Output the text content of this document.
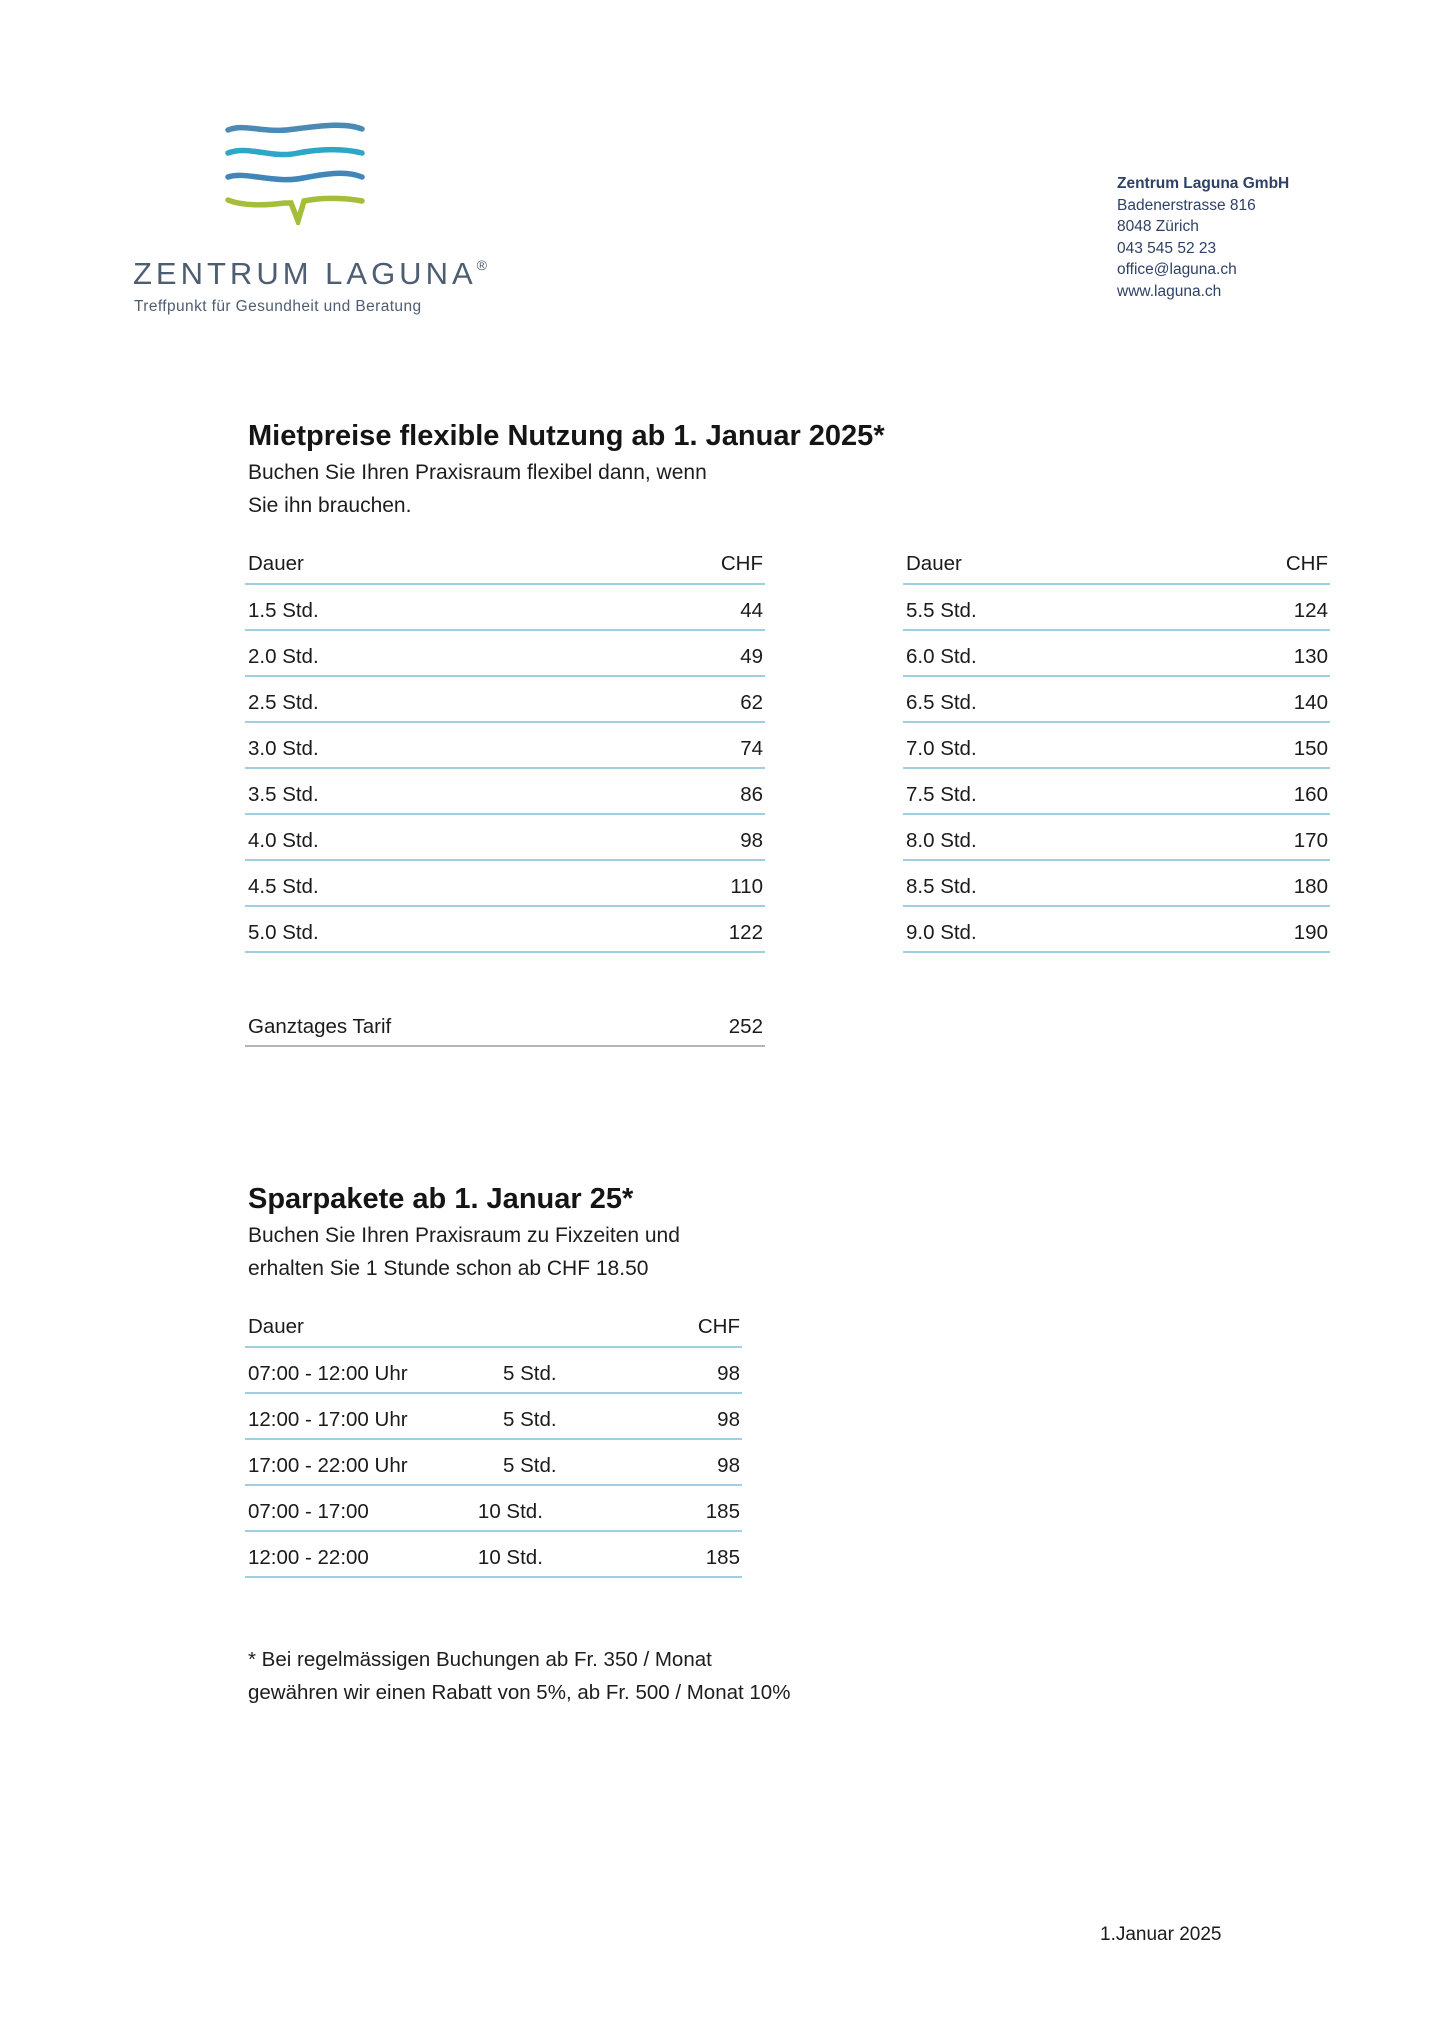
ZENTRUM LAGUNA®
Treffpunkt für Gesundheit und Beratung
Zentrum Laguna GmbH
Badenerstrasse 816
8048 Zürich
043 545 52 23
office@laguna.ch
www.laguna.ch
Mietpreise flexible Nutzung ab 1. Januar 2025*
Buchen Sie Ihren Praxisraum flexibel dann, wenn
Sie ihn brauchen.
Dauer	CHF
1.5 Std.	44
2.0 Std.	49
2.5 Std.	62
3.0 Std.	74
3.5 Std.	86
4.0 Std.	98
4.5 Std.	110
5.0 Std.	122
Dauer	CHF
5.5 Std.	124
6.0 Std.	130
6.5 Std.	140
7.0 Std.	150
7.5 Std.	160
8.0 Std.	170
8.5 Std.	180
9.0 Std.	190
Ganztages Tarif	252
Sparpakete ab 1. Januar 25*
Buchen Sie Ihren Praxisraum zu Fixzeiten und
erhalten Sie 1 Stunde schon ab CHF 18.50
Dauer	CHF
07:00 - 12:00 Uhr	5 Std.	98
12:00 - 17:00 Uhr	5 Std.	98
17:00 - 22:00 Uhr	5 Std.	98
07:00 - 17:00	10 Std.	185
12:00 - 22:00	10 Std.	185
* Bei regelmässigen Buchungen ab Fr. 350 / Monat
gewähren wir einen Rabatt von 5%, ab Fr. 500 / Monat 10%
1.Januar 2025
